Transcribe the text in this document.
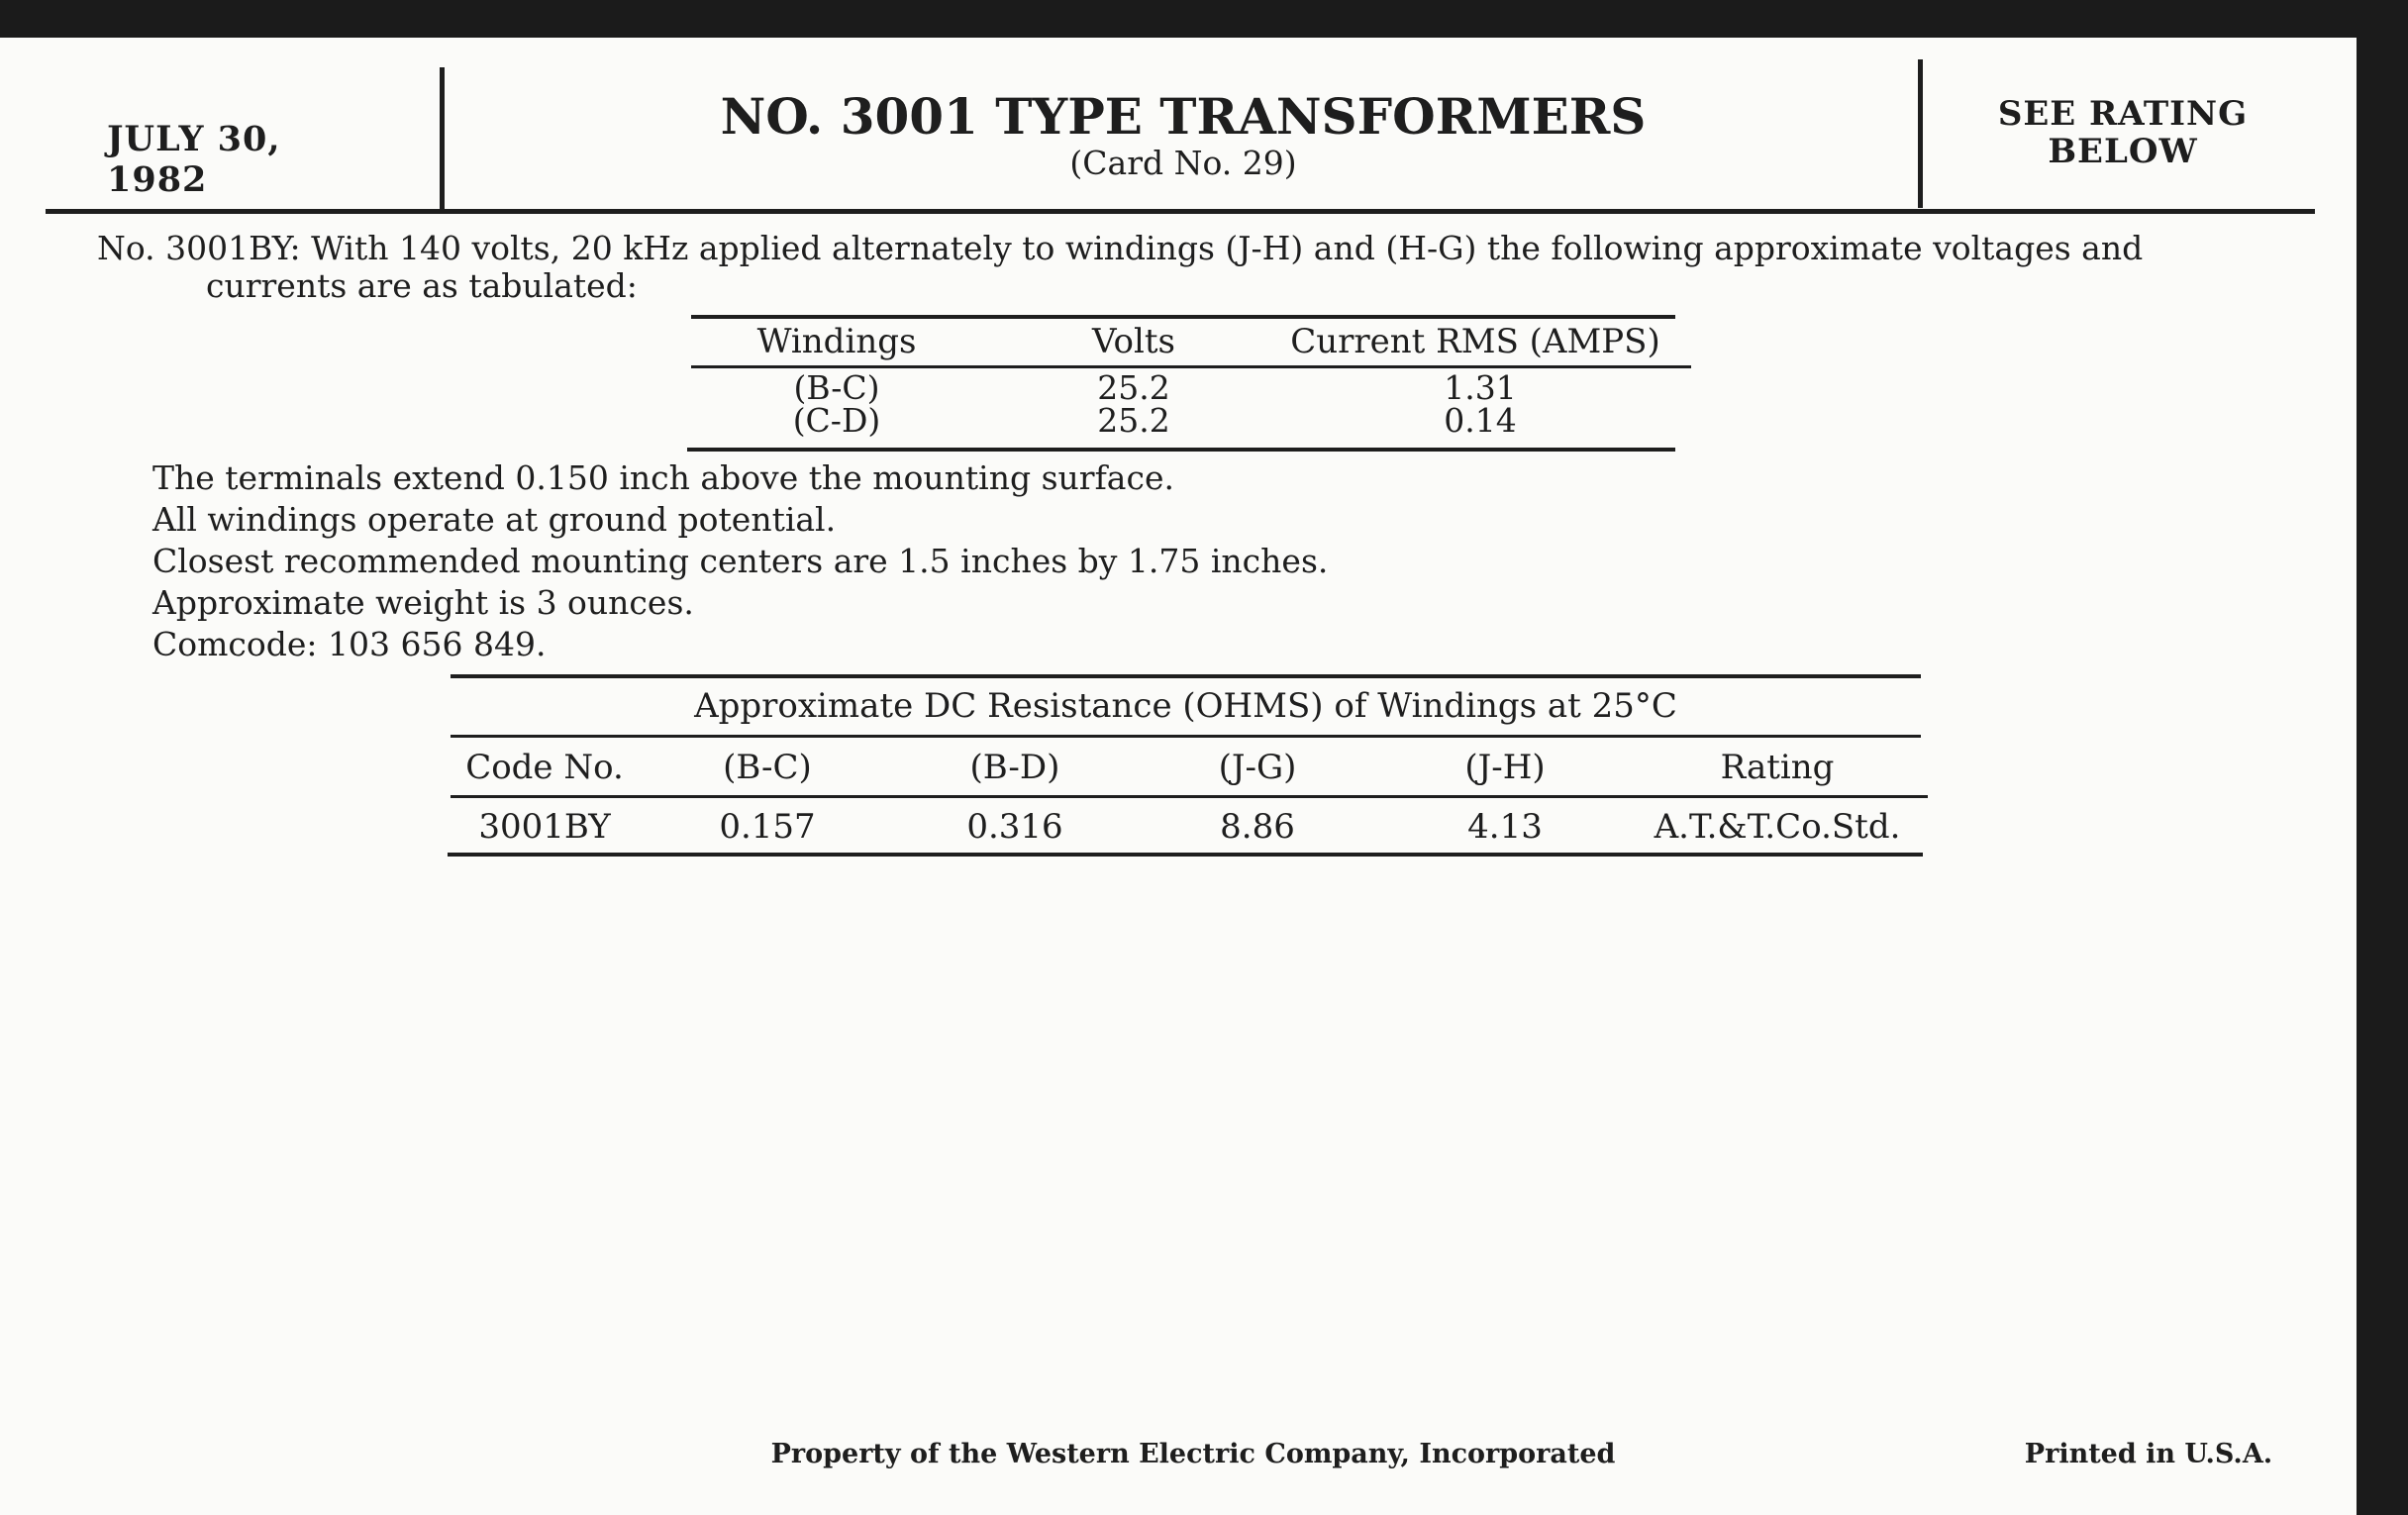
JULY 30, 1982
NO. 3001 TYPE TRANSFORMERS
(Card No. 29)
SEE RATING
BELOW
No. 3001BY: With 140 volts, 20 kHz applied alternately to windings (J-H) and (H-G) the following approximate voltages and
currents are as tabulated:
Windings	Volts	Current RMS (AMPS)
(B-C)	25.2	1.31
(C-D)	25.2	0.14
The terminals extend 0.150 inch above the mounting surface.
All windings operate at ground potential.
Closest recommended mounting centers are 1.5 inches by 1.75 inches.
Approximate weight is 3 ounces.
Comcode: 103 656 849.
Approximate DC Resistance (OHMS) of Windings at 25°C
Code No.	(B-C)	(B-D)	(J-G)	(J-H)	Rating
3001BY	0.157	0.316	8.86	4.13	A.T.&T.Co.Std.
Property of the Western Electric Company, Incorporated	Printed in U.S.A.
